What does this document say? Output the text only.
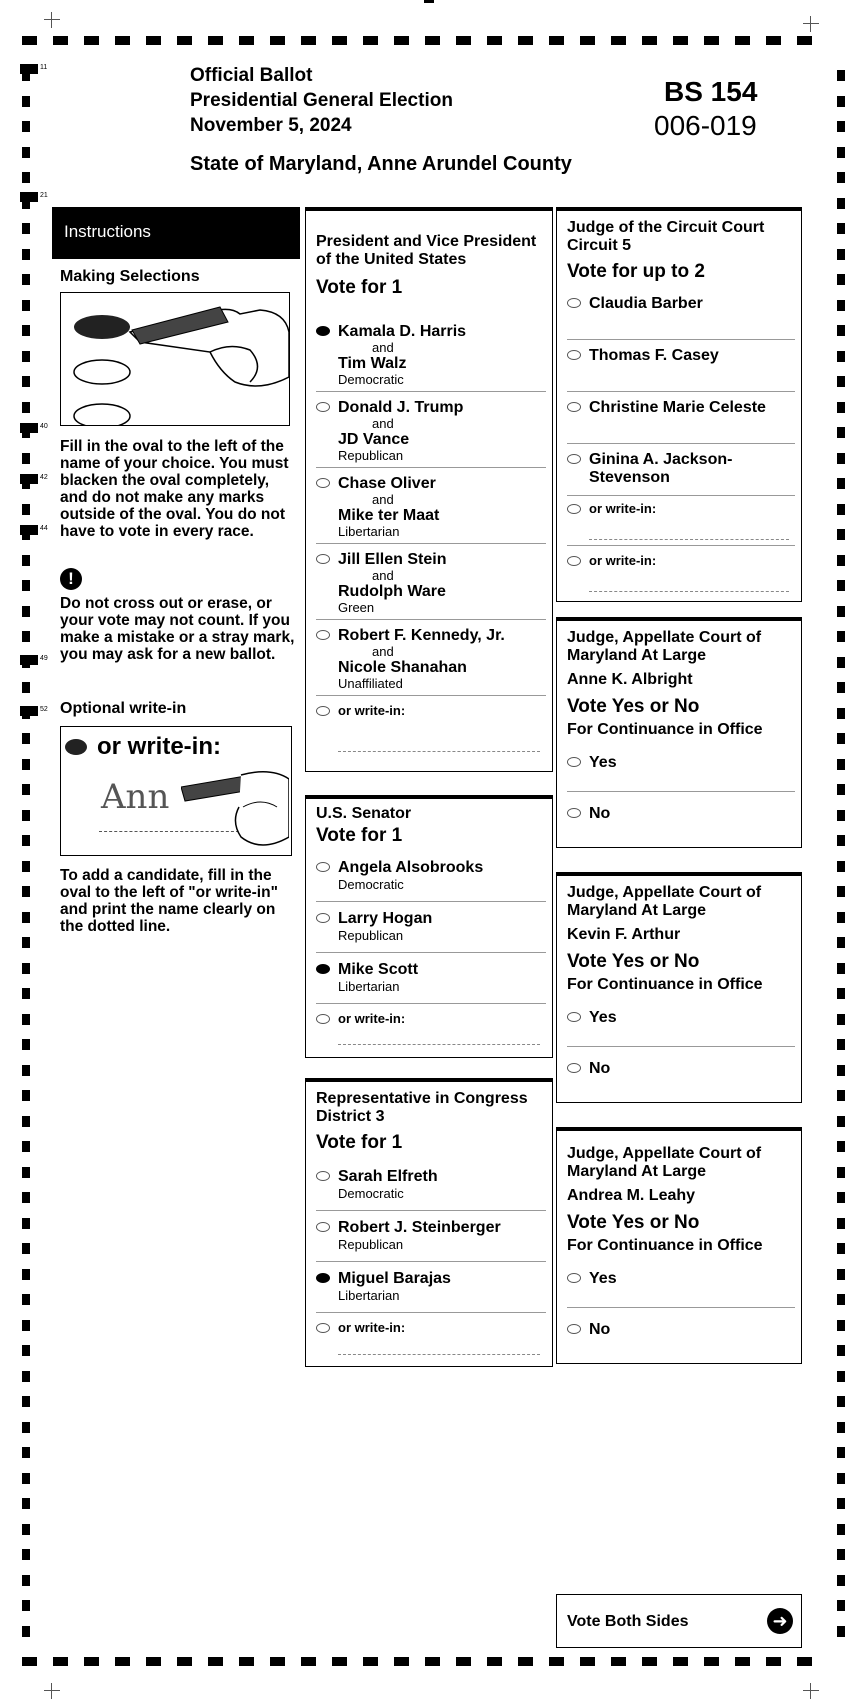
11
21
40
42
44
49
52
Official Ballot
Presidential General Election
November 5, 2024
BS 154
006-019
State of Maryland, Anne Arundel County
Instructions
Making Selections
Fill in the oval to the left of the name of your choice. You must blacken the oval completely, and do not make any marks outside of the oval. You do not have to vote in every race.
!
Do not cross out or erase, or your vote may not count. If you make a mistake or a stray mark, you may ask for a new ballot.
Optional write-in
or write-in:
Ann
To add a candidate, fill in the oval to the left of "or write-in" and print the name clearly on the dotted line.
President and Vice President of the United States
Vote for 1
Kamala D. Harris
and
Tim Walz
Democratic
Donald J. Trump
and
JD Vance
Republican
Chase Oliver
and
Mike ter Maat
Libertarian
Jill Ellen Stein
and
Rudolph Ware
Green
Robert F. Kennedy, Jr.
and
Nicole Shanahan
Unaffiliated
or write-in:
U.S. Senator
Vote for 1
Angela Alsobrooks
Democratic
Larry Hogan
Republican
Mike Scott
Libertarian
or write-in:
Representative in Congress District 3
Vote for 1
Sarah Elfreth
Democratic
Robert J. Steinberger
Republican
Miguel Barajas
Libertarian
or write-in:
Judge of the Circuit Court Circuit 5
Vote for up to 2
Claudia Barber
Thomas F. Casey
Christine Marie Celeste
Ginina A. Jackson-Stevenson
or write-in:
or write-in:
Judge, Appellate Court of Maryland At Large
Anne K. Albright
Vote Yes or No
For Continuance in Office
Yes
No
Judge, Appellate Court of Maryland At Large
Kevin F. Arthur
Vote Yes or No
For Continuance in Office
Yes
No
Judge, Appellate Court of Maryland At Large
Andrea M. Leahy
Vote Yes or No
For Continuance in Office
Yes
No
Vote Both Sides	➜
